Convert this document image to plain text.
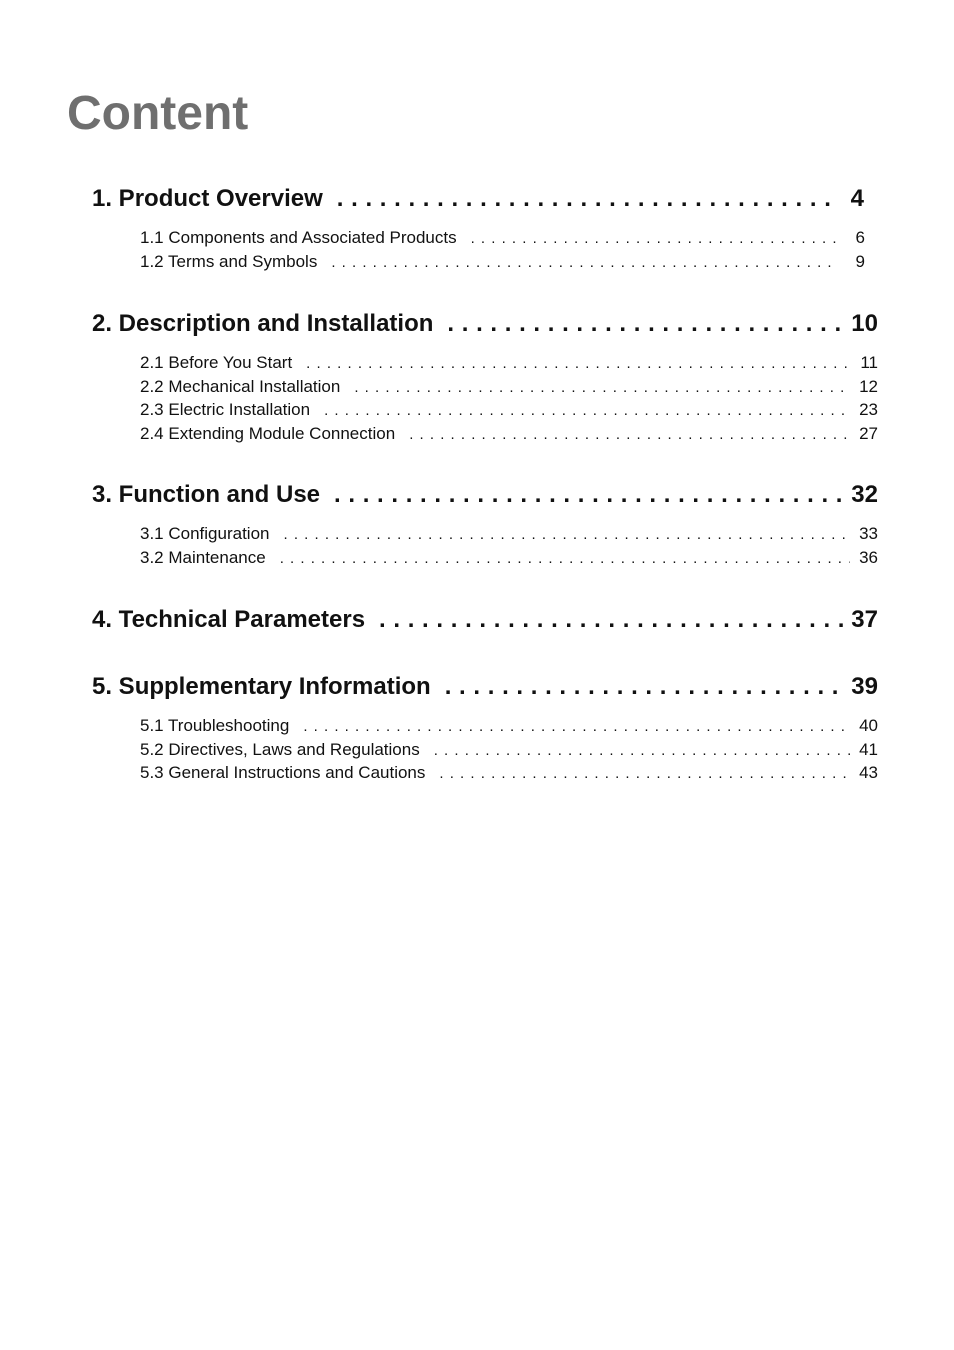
Content
1. Product Overview . . .	4
1.1 Components and Associated Products . . .	6
1.2 Terms and Symbols . . .	9
2. Description and Installation . . .	10
2.1 Before You Start . . .	11
2.2 Mechanical Installation . . .	12
2.3 Electric Installation . . .	23
2.4 Extending Module Connection . . .	27
3. Function and Use . . .	32
3.1 Configuration . . .	33
3.2 Maintenance . . .	36
4. Technical Parameters . . .	37
5. Supplementary Information . . .	39
5.1 Troubleshooting . . .	40
5.2 Directives, Laws and Regulations . . .	41
5.3 General Instructions and Cautions . . .	43
